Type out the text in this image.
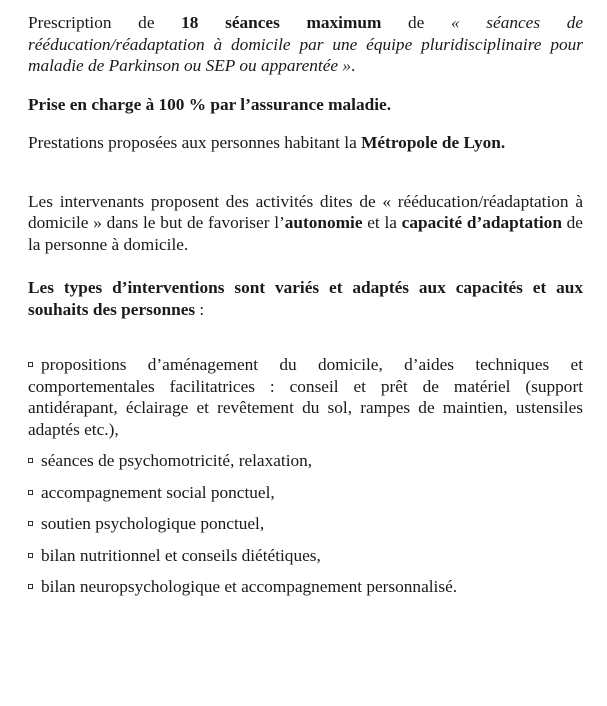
Prescription de 18 séances maximum de « séances de rééducation/réadaptation à domicile par une équipe pluridisciplinaire pour maladie de Parkinson ou SEP ou apparentée ».

Prise en charge à 100 % par l’assurance maladie.

Prestations proposées aux personnes habitant la Métropole de Lyon.

Les intervenants proposent des activités dites de « rééducation/réadaptation à domicile » dans le but de favoriser l’autonomie et la capacité d’adaptation de la personne à domicile.

Les types d’interventions sont variés et adaptés aux capacités et aux souhaits des personnes :

propositions d’aménagement du domicile, d’aides techniques et comportementales facilitatrices : conseil et prêt de matériel (support antidérapant, éclairage et revêtement du sol, rampes de maintien, ustensiles adaptés etc.),
séances de psychomotricité, relaxation,
accompagnement social ponctuel,
soutien psychologique ponctuel,
bilan nutritionnel et conseils diététiques,
bilan neuropsychologique et accompagnement personnalisé.
